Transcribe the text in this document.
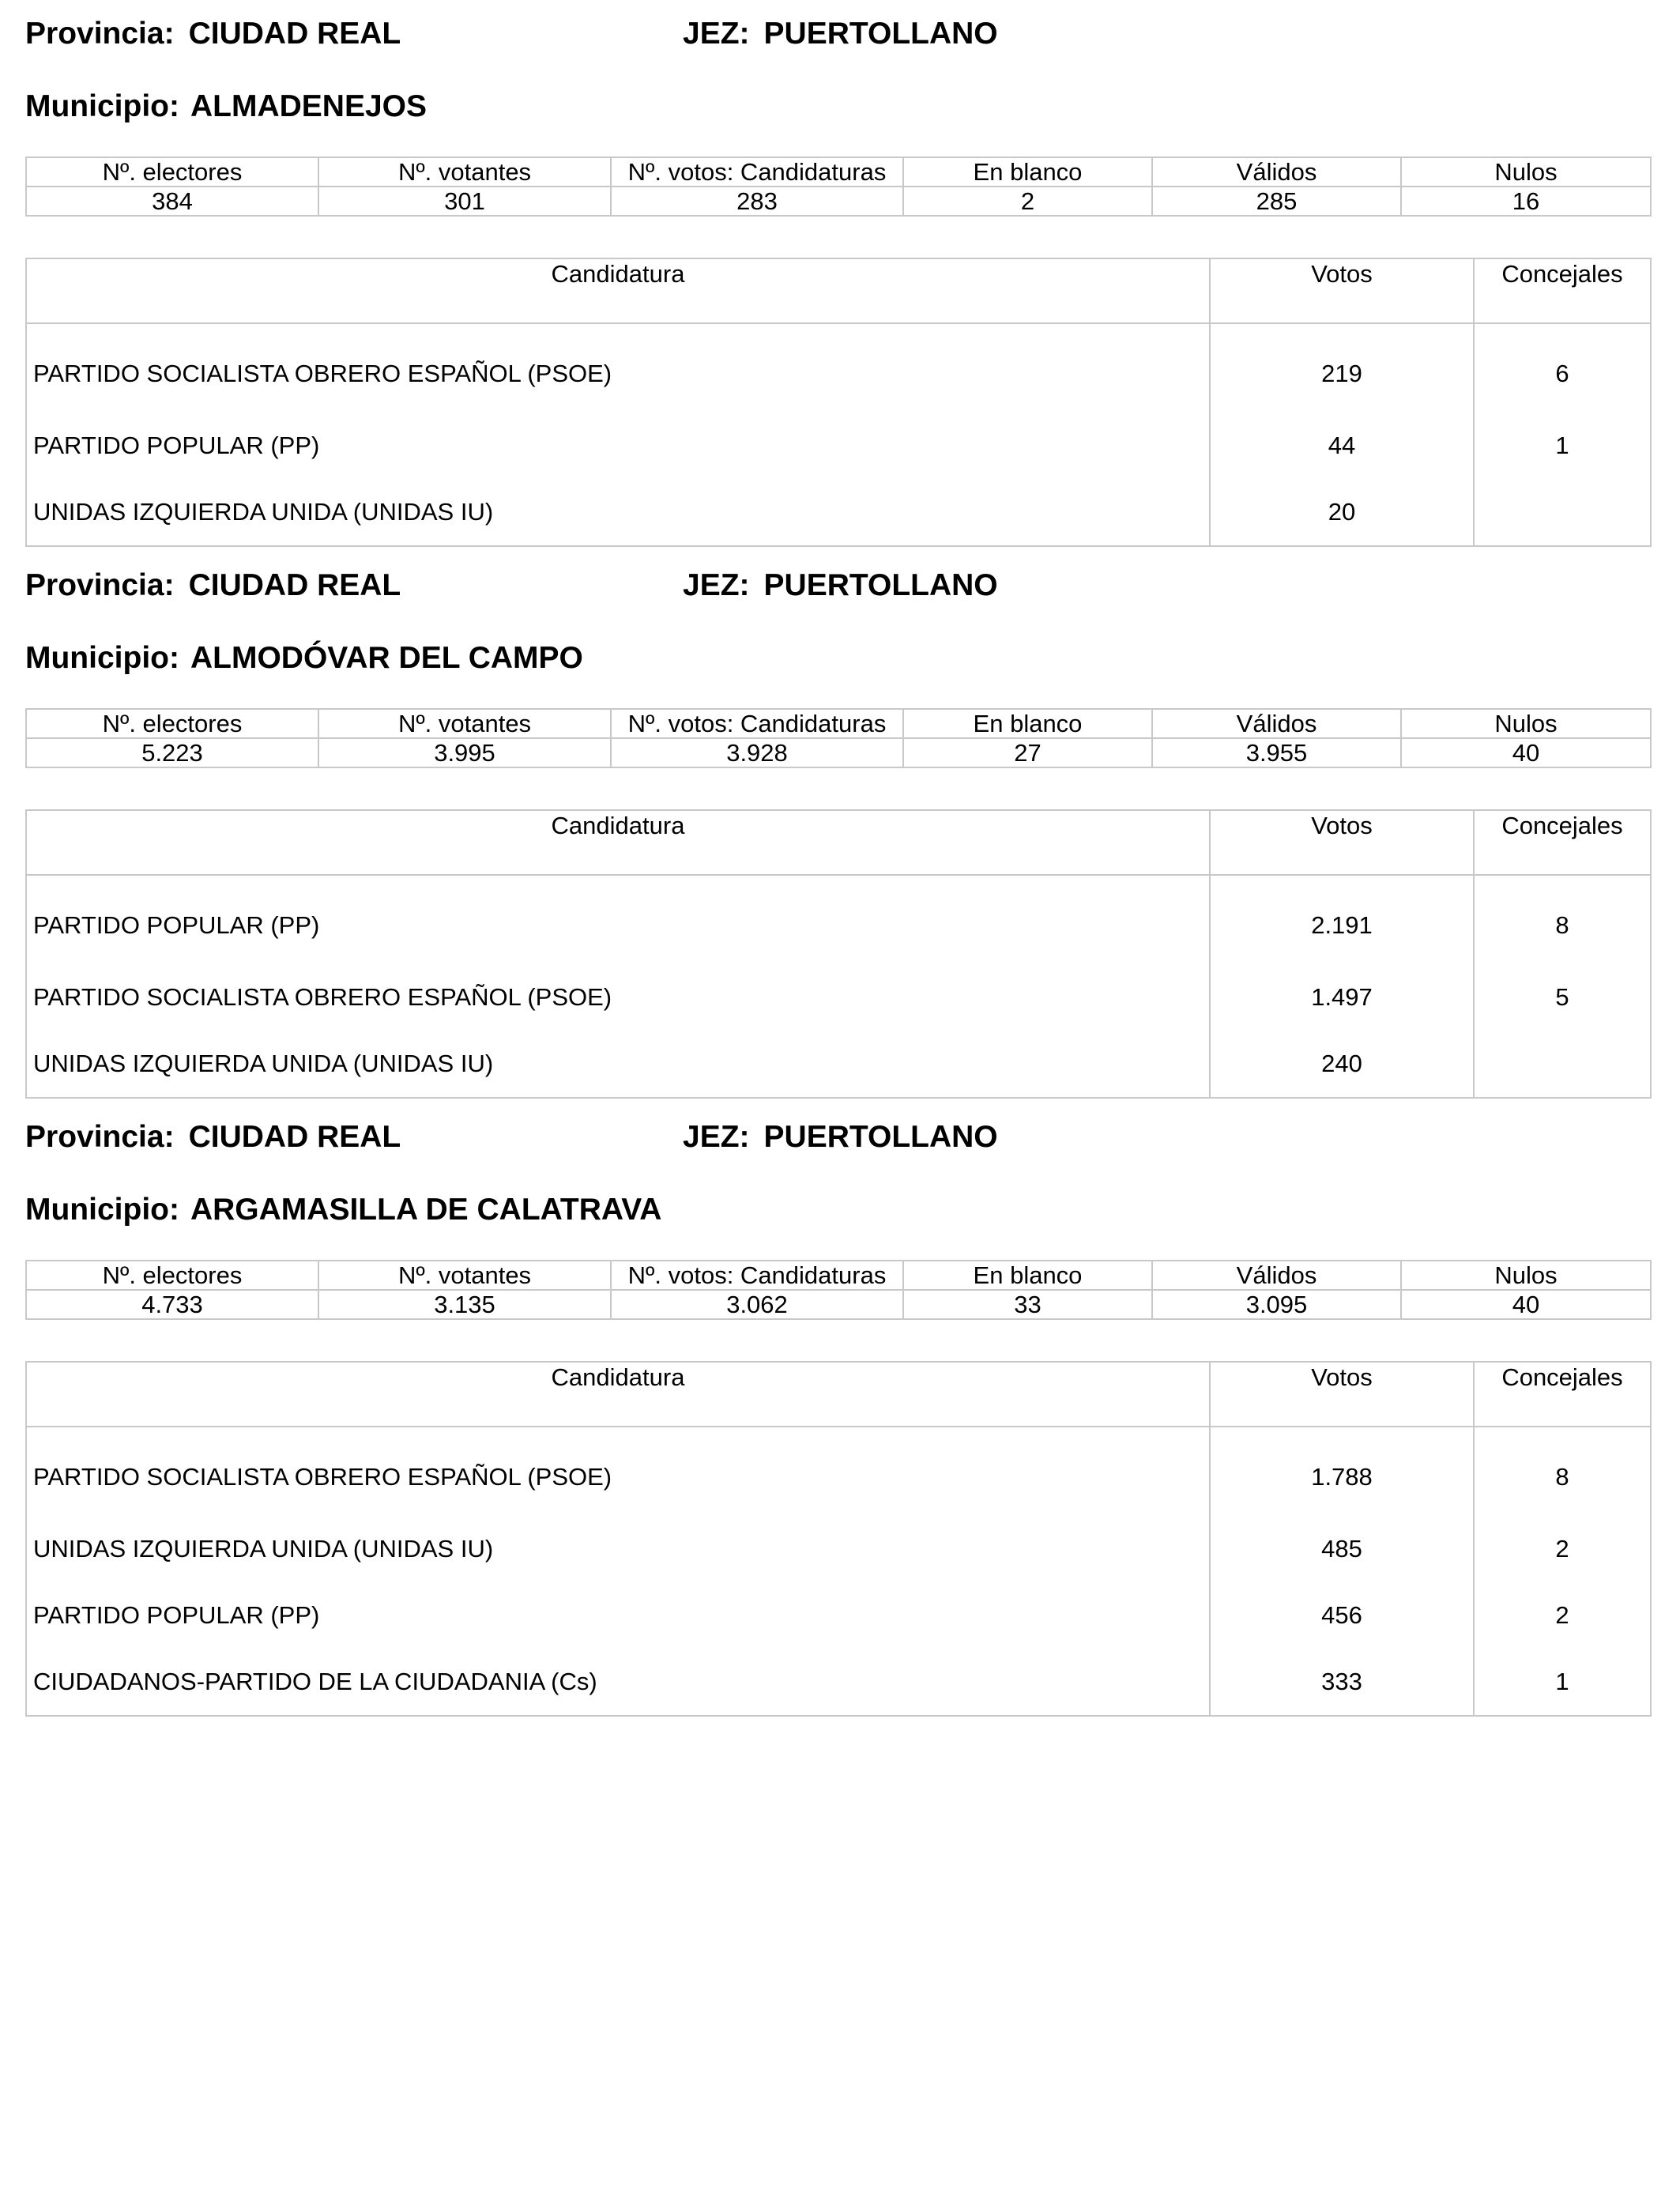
Provincia: CIUDAD REAL	JEZ: PUERTOLLANO
Municipio: ALMADENEJOS
Nº. electores	Nº. votantes	Nº. votos: Candidaturas	En blanco	Válidos	Nulos
384	301	283	2	285	16
Candidatura	Votos	Concejales
PARTIDO SOCIALISTA OBRERO ESPAÑOL (PSOE)	219	6
PARTIDO POPULAR (PP)	44	1
UNIDAS IZQUIERDA UNIDA (UNIDAS IU)	20	
Provincia: CIUDAD REAL	JEZ: PUERTOLLANO
Municipio: ALMODÓVAR DEL CAMPO
Nº. electores	Nº. votantes	Nº. votos: Candidaturas	En blanco	Válidos	Nulos
5.223	3.995	3.928	27	3.955	40
Candidatura	Votos	Concejales
PARTIDO POPULAR (PP)	2.191	8
PARTIDO SOCIALISTA OBRERO ESPAÑOL (PSOE)	1.497	5
UNIDAS IZQUIERDA UNIDA (UNIDAS IU)	240	
Provincia: CIUDAD REAL	JEZ: PUERTOLLANO
Municipio: ARGAMASILLA DE CALATRAVA
Nº. electores	Nº. votantes	Nº. votos: Candidaturas	En blanco	Válidos	Nulos
4.733	3.135	3.062	33	3.095	40
Candidatura	Votos	Concejales
PARTIDO SOCIALISTA OBRERO ESPAÑOL (PSOE)	1.788	8
UNIDAS IZQUIERDA UNIDA (UNIDAS IU)	485	2
PARTIDO POPULAR (PP)	456	2
CIUDADANOS-PARTIDO DE LA CIUDADANIA (Cs)	333	1
